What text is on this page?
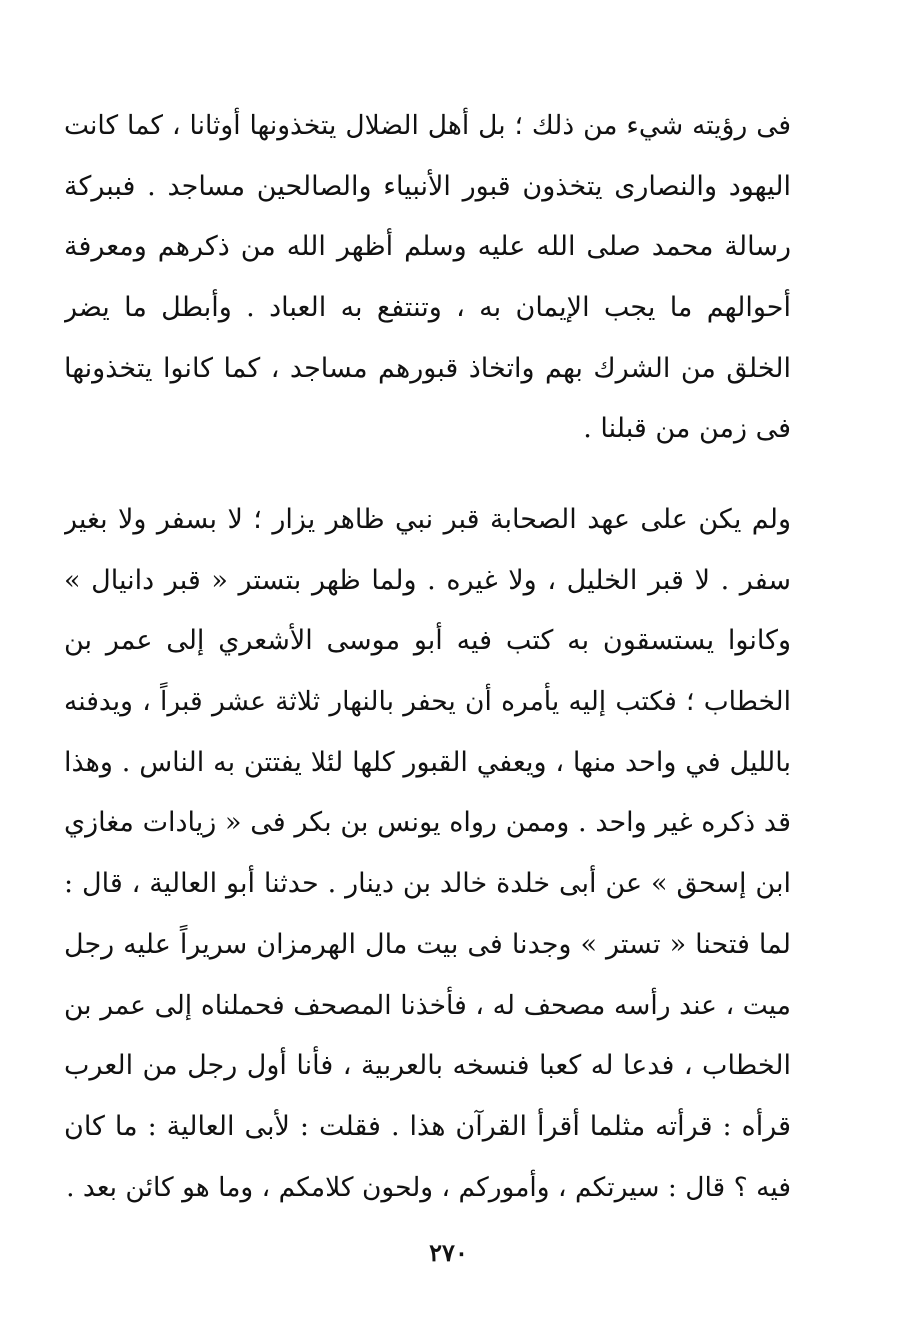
فى رؤيته شيء من ذلك ؛ بل أهل الضلال يتخذونها أوثانا ، كما كانت
اليهود والنصارى يتخذون قبور الأنبياء والصالحين مساجد . فببركة
رسالة محمد صلى الله عليه وسلم أظهر الله من ذكرهم ومعرفة
أحوالهم ما يجب الإيمان به ، وتنتفع به العباد . وأبطل ما يضر
الخلق من الشرك بهم واتخاذ قبورهم مساجد ، كما كانوا يتخذونها
فى زمن من قبلنا .
ولم يكن على عهد الصحابة قبر نبي ظاهر يزار ؛ لا بسفر ولا بغير
سفر . لا قبر الخليل ، ولا غيره . ولما ظهر بتستر « قبر دانيال »
وكانوا يستسقون به كتب فيه أبو موسى الأشعري إلى عمر بن
الخطاب ؛ فكتب إليه يأمره أن يحفر بالنهار ثلاثة عشر قبراً ، ويدفنه
بالليل في واحد منها ، ويعفي القبور كلها لئلا يفتتن به الناس . وهذا
قد ذكره غير واحد . وممن رواه يونس بن بكر فى « زيادات مغازي
ابن إسحق » عن أبى خلدة خالد بن دينار . حدثنا أبو العالية ، قال :
لما فتحنا « تستر » وجدنا فى بيت مال الهرمزان سريراً عليه رجل
ميت ، عند رأسه مصحف له ، فأخذنا المصحف فحملناه إلى عمر بن
الخطاب ، فدعا له كعبا فنسخه بالعربية ، فأنا أول رجل من العرب
قرأه : قرأته مثلما أقرأ القرآن هذا . فقلت : لأبى العالية : ما كان
فيه ؟ قال : سيرتكم ، وأموركم ، ولحون كلامكم ، وما هو كائن بعد .
٢٧٠
